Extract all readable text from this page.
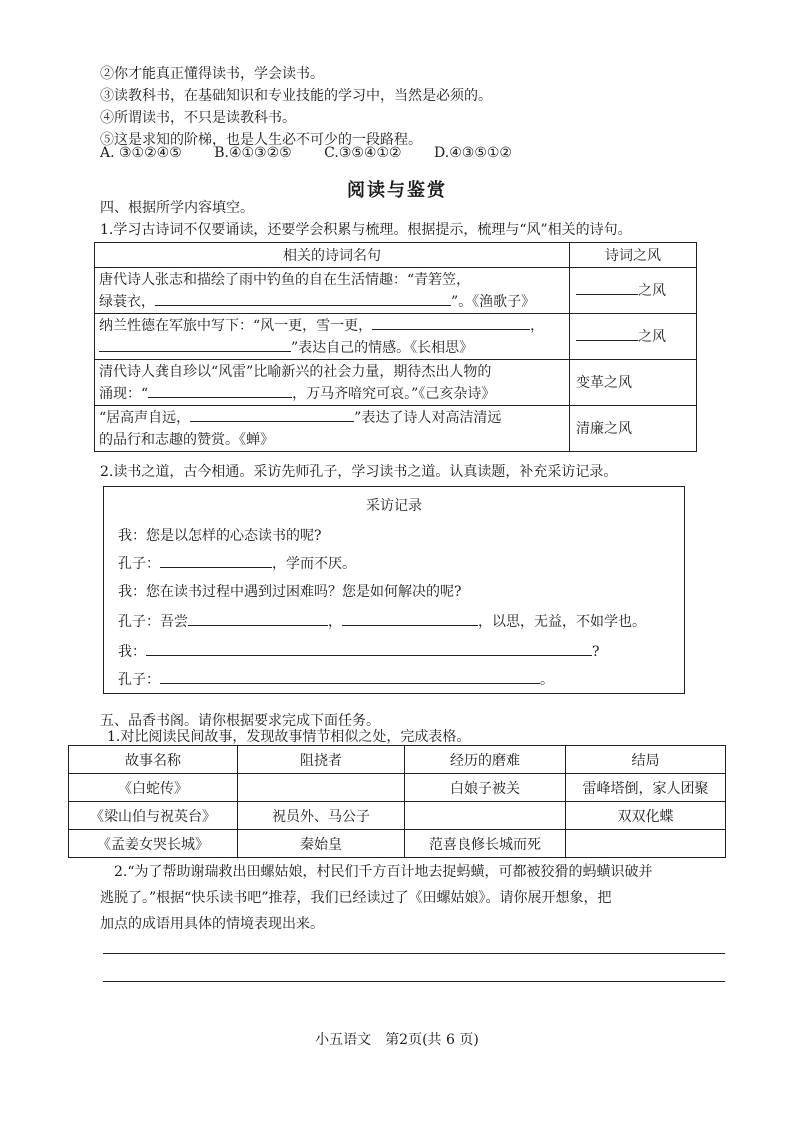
②你才能真正懂得读书，学会读书。
③读教科书，在基础知识和专业技能的学习中，当然是必须的。
④所谓读书，不只是读教科书。
⑤这是求知的阶梯，也是人生必不可少的一段路程。
A. ③①②④⑤ B.④①③②⑤ C.③⑤④①② D.④③⑤①②
阅读与鉴赏
四、根据所学内容填空。
1.学习古诗词不仅要诵读，还要学会积累与梳理。根据提示，梳理与“风”相关的诗句。
相关的诗词名句	诗词之风
唐代诗人张志和描绘了雨中钓鱼的自在生活情趣：“青箬笠，
绿蓑衣， ”。《渔歌子》	之风
纳兰性德在军旅中写下：“风一更，雪一更， ，
”表达自己的情感。《长相思》	之风
清代诗人龚自珍以“风雷”比喻新兴的社会力量，期待杰出人物的
涌现：“ ，万马齐喑究可哀。”《己亥杂诗》	变革之风
“居高声自远， ”表达了诗人对高洁清远
的品行和志趣的赞赏。《蝉》	清廉之风
2.读书之道，古今相通。采访先师孔子，学习读书之道。认真读题，补充采访记录。
采访记录
我：您是以怎样的心态读书的呢?
孔子：	，学而不厌。
我：您在读书过程中遇到过困难吗？您是如何解决的呢?
孔子：吾尝	，	，以思，无益，不如学也。
我：	?
孔子：	。
五、品香书阁。请你根据要求完成下面任务。
1.对比阅读民间故事，发现故事情节相似之处，完成表格。
故事名称	阻挠者	经历的磨难	结局
《白蛇传》		白娘子被关	雷峰塔倒，家人团聚
《梁山伯与祝英台》	祝员外、马公子		双双化蝶
《孟姜女哭长城》	秦始皇	范喜良修长城而死	
2.“为了帮助谢瑞救出田螺姑娘，村民们千方百计地去捉蚂蟥，可都被狡猾的蚂蟥识破并
逃脱了。”根据“快乐读书吧”推荐，我们已经读过了《田螺姑娘》。请你展开想象，把
加点的成语用具体的情境表现出来。
小五语文　第2页(共 6 页)
